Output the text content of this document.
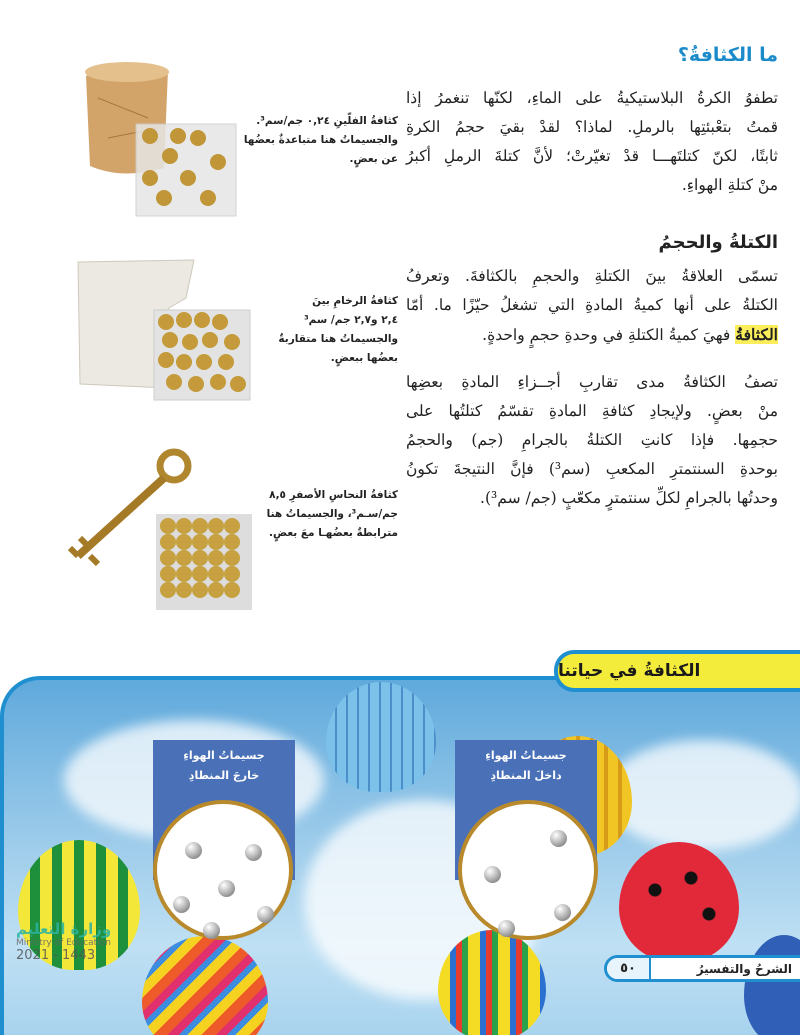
ما الكثافةُ؟
تطفوُ الكرةُ البلاستيكيةُ على الماءِ، لكنّها تنغمرُ إذا
قمتُ بتعْبئتِها بالرملِ. لماذا؟ لقدْ بقيَ حجمُ الكرةِ
ثابتًا، لكنّ كتلتَهـــا قدْ تغيّرتْ؛ لأنَّ كتلةَ الرملِ أكبرُ
منْ كتلةِ الهواءِ.
الكتلةُ والحجمُ
تسمّى العلاقةُ بينَ الكتلةِ والحجمِ بالكثافةَ. وتعرفُ
الكتلةُ على أنها كميةُ المادةِ التي تشغلُ حيّزًا ما. أمّا
الكثافةُ فهيَ كميةُ الكتلةِ في وحدةِ حجمٍ واحدةٍ.
تصفُ الكثافةُ مدى تقاربِ أجــزاءِ المادةِ بعضِها
منْ بعضٍ. ولإيجادِ كثافةِ المادةِ تقسّمُ كتلتُها على
حجمِها. فإذا كانتِ الكتلةُ بالجرامِ (جم) والحجمُ
بوحدةِ السنتمترِ المكعبِ (سم³) فإنَّ النتيجةَ تكونُ
وحدتُها بالجرامِ لكلِّ سنتمترٍ مكعّبٍ (جم/ سم³).
كثافةُ الفلّينِ ٠,٢٤ جم/سم³.
والجسيماتُ هنا متباعدةٌ بعضُها
عن بعضٍ.
كثافةُ الرخامِ بينَ
٢,٤ و٢,٧ جم/ سم³
والجسيماتُ هنا متقاربةٌ
بعضُها ببعضٍ.
كثافةُ النحاسِ الأصفرِ ٨,٥
جم/سـم³، والجسيماتُ هنا
مترابطةٌ بعضُهـا معَ بعضٍ.
الكثافةُ في حياتنا
جسيماتُ الهواءِ
خارجَ المنطادِ
جسيماتُ الهواءِ
داخلَ المنطادِ
وزارة التعليم
Ministry of Education
2021 - 1443
الشرحُ والتفسيرُ
٥٠
